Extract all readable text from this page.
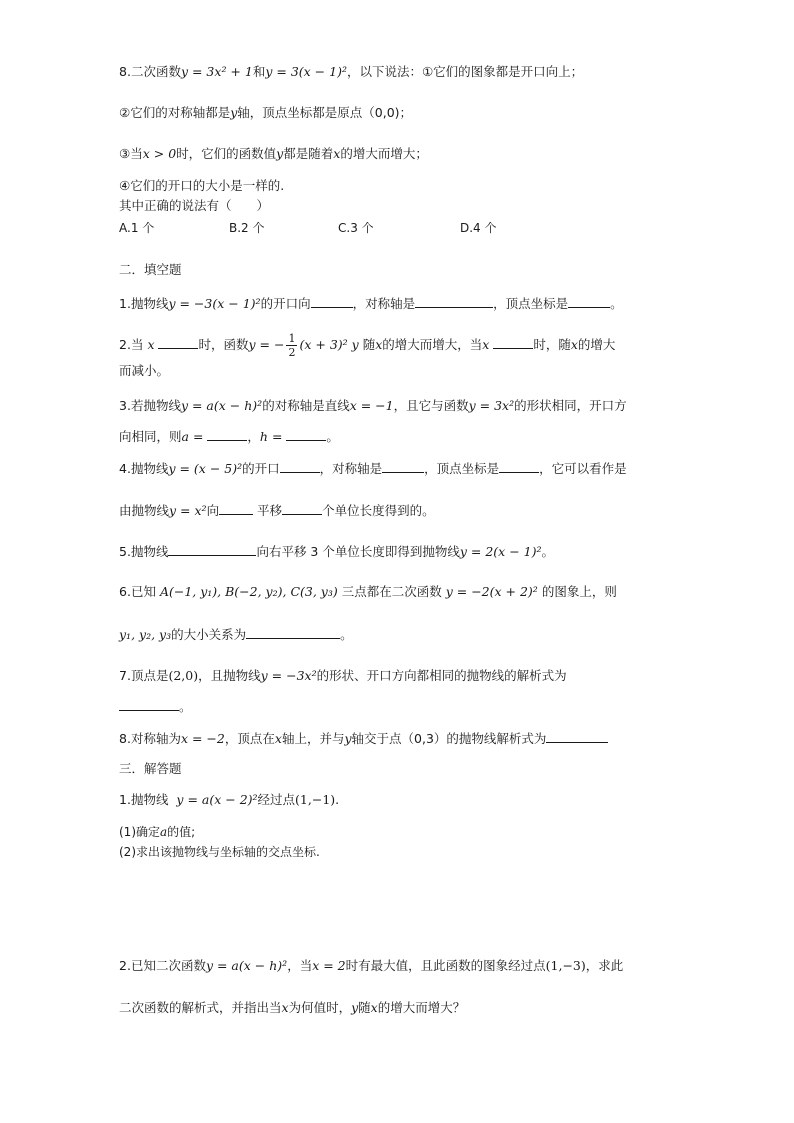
8.二次函数y = 3x² + 1和y = 3(x − 1)²，以下说法：①它们的图象都是开口向上；
②它们的对称轴都是y轴，顶点坐标都是原点（0,0)；
③当x > 0时，它们的函数值y都是随着x的增大而增大；
④它们的开口的大小是一样的.
其中正确的说法有（　　）
A.1 个	B.2 个	C.3 个	D.4 个
二．填空题
1.抛物线y = −3(x − 1)²的开口向	，对称轴是	，顶点坐标是	。
2.当 x	时，函数y = − $\frac{1}{2} (x + 3)^2$ y 随x的增大而增大，当x	时，随x的增大
而减小。
3.若抛物线y = a(x − h)²的对称轴是直线x = −1，且它与函数y = 3x²的形状相同，开口方
向相同，则a =	，h =	。
4.抛物线y = (x − 5)²的开口	，对称轴是	，顶点坐标是	，它可以看作是
由抛物线y = x²向	平移	个单位长度得到的。
5.抛物线	向右平移 3 个单位长度即得到抛物线y = 2(x − 1)²。
6.已知 A(−1, y₁), B(−2, y₂), C(3, y₃) 三点都在二次函数 y = −2(x + 2)² 的图象上，则
y₁, y₂, y₃的大小关系为	。
7.顶点是(2,0)，且抛物线y = −3x²的形状、开口方向都相同的抛物线的解析式为
。
8.对称轴为x = −2，顶点在x轴上，并与y轴交于点（0,3）的抛物线解析式为
三．解答题
1.抛物线 y = a(x − 2)²经过点(1,−1).
(1)确定a的值;
(2)求出该抛物线与坐标轴的交点坐标.
2.已知二次函数y = a(x − h)²，当x = 2时有最大值，且此函数的图象经过点(1,−3)，求此
二次函数的解析式，并指出当x为何值时，y随x的增大而增大？
